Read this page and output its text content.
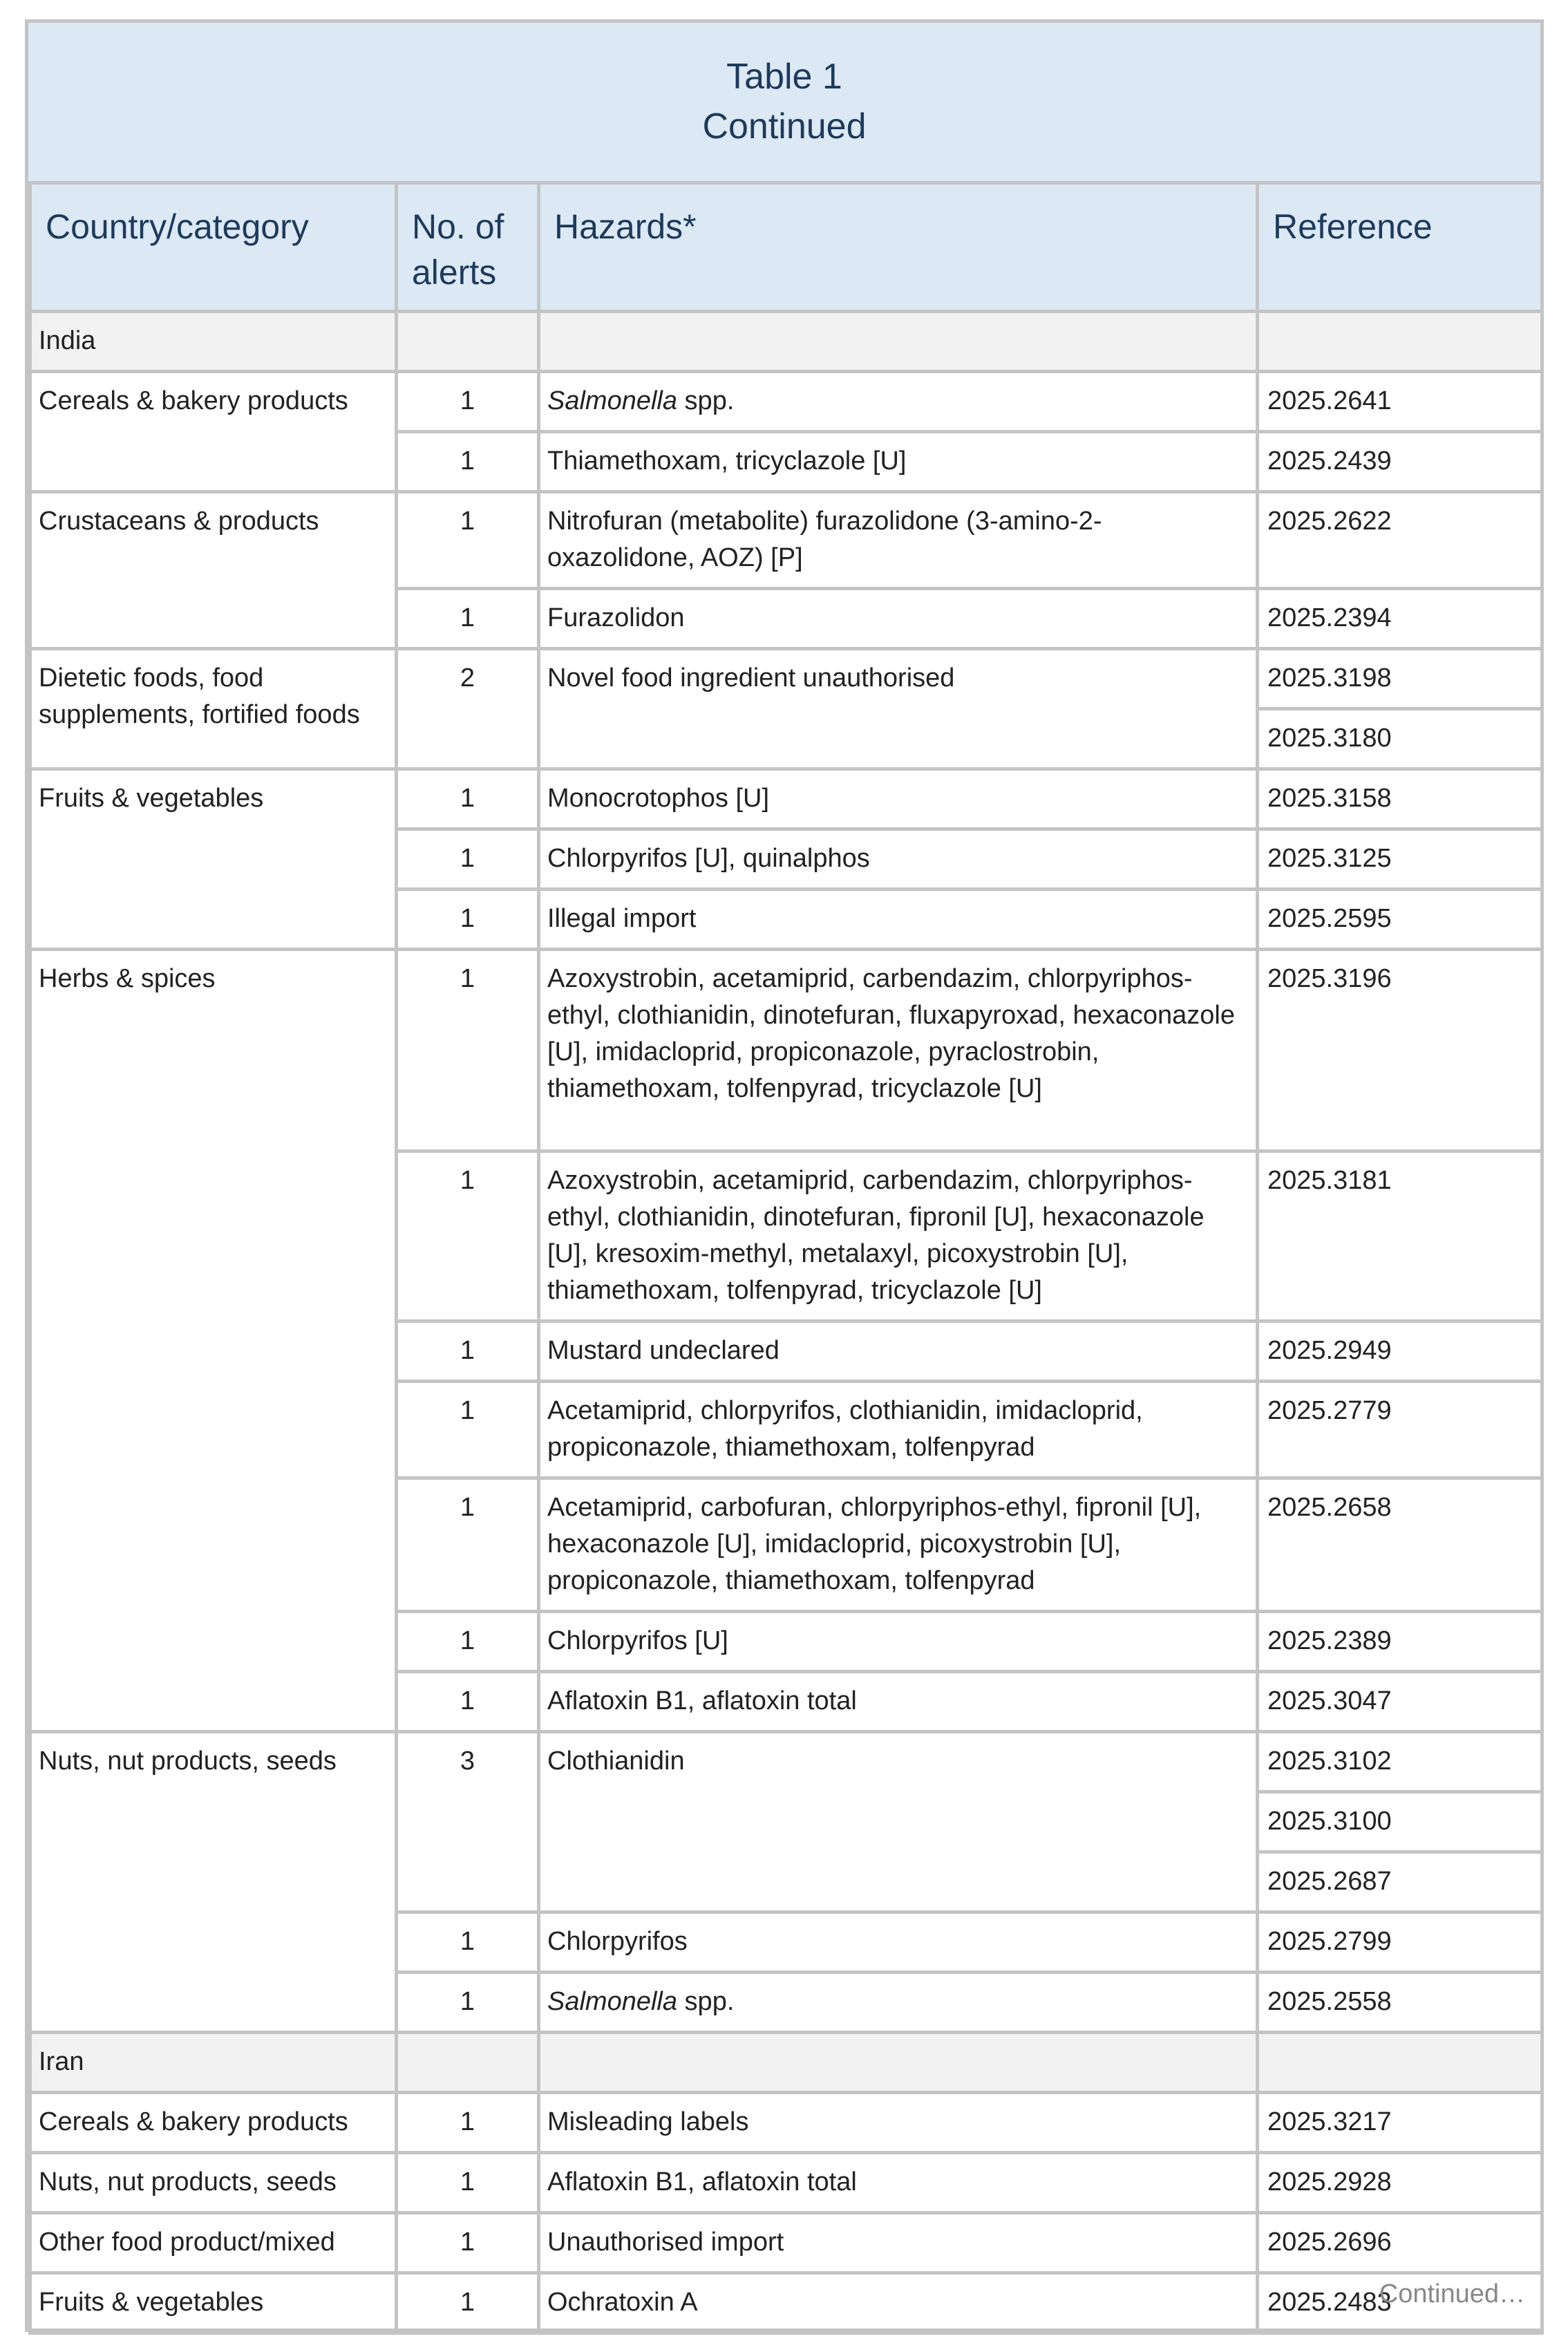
Table 1
Continued
Country/category	No. of alerts	Hazards*	Reference
India			
Cereals & bakery products	1	Salmonella spp.	2025.2641
	1	Thiamethoxam, tricyclazole [U]	2025.2439
Crustaceans & products	1	Nitrofuran (metabolite) furazolidone (3-amino-2-oxazolidone, AOZ) [P]	2025.2622
	1	Furazolidon	2025.2394
Dietetic foods, food supplements, fortified foods	2	Novel food ingredient unauthorised	2025.3198
			2025.3180
Fruits & vegetables	1	Monocrotophos [U]	2025.3158
	1	Chlorpyrifos [U], quinalphos	2025.3125
	1	Illegal import	2025.2595
Herbs & spices	1	Azoxystrobin, acetamiprid, carbendazim, chlorpyriphos-ethyl, clothianidin, dinotefuran, fluxapyroxad, hexaconazole [U], imidacloprid, propiconazole, pyraclostrobin, thiamethoxam, tolfenpyrad, tricyclazole [U]	2025.3196
	1	Azoxystrobin, acetamiprid, carbendazim, chlorpyriphos-ethyl, clothianidin, dinotefuran, fipronil [U], hexaconazole [U], kresoxim-methyl, metalaxyl, picoxystrobin [U], thiamethoxam, tolfenpyrad, tricyclazole [U]	2025.3181
	1	Mustard undeclared	2025.2949
	1	Acetamiprid, chlorpyrifos, clothianidin, imidacloprid, propiconazole, thiamethoxam, tolfenpyrad	2025.2779
	1	Acetamiprid, carbofuran, chlorpyriphos-ethyl, fipronil [U], hexaconazole [U], imidacloprid, picoxystrobin [U], propiconazole, thiamethoxam, tolfenpyrad	2025.2658
	1	Chlorpyrifos [U]	2025.2389
	1	Aflatoxin B1, aflatoxin total	2025.3047
Nuts, nut products, seeds	3	Clothianidin	2025.3102
			2025.3100
			2025.2687
	1	Chlorpyrifos	2025.2799
	1	Salmonella spp.	2025.2558
Iran			
Cereals & bakery products	1	Misleading labels	2025.3217
Nuts, nut products, seeds	1	Aflatoxin B1, aflatoxin total	2025.2928
Other food product/mixed	1	Unauthorised import	2025.2696
Fruits & vegetables	1	Ochratoxin A	2025.2483
Continued…
